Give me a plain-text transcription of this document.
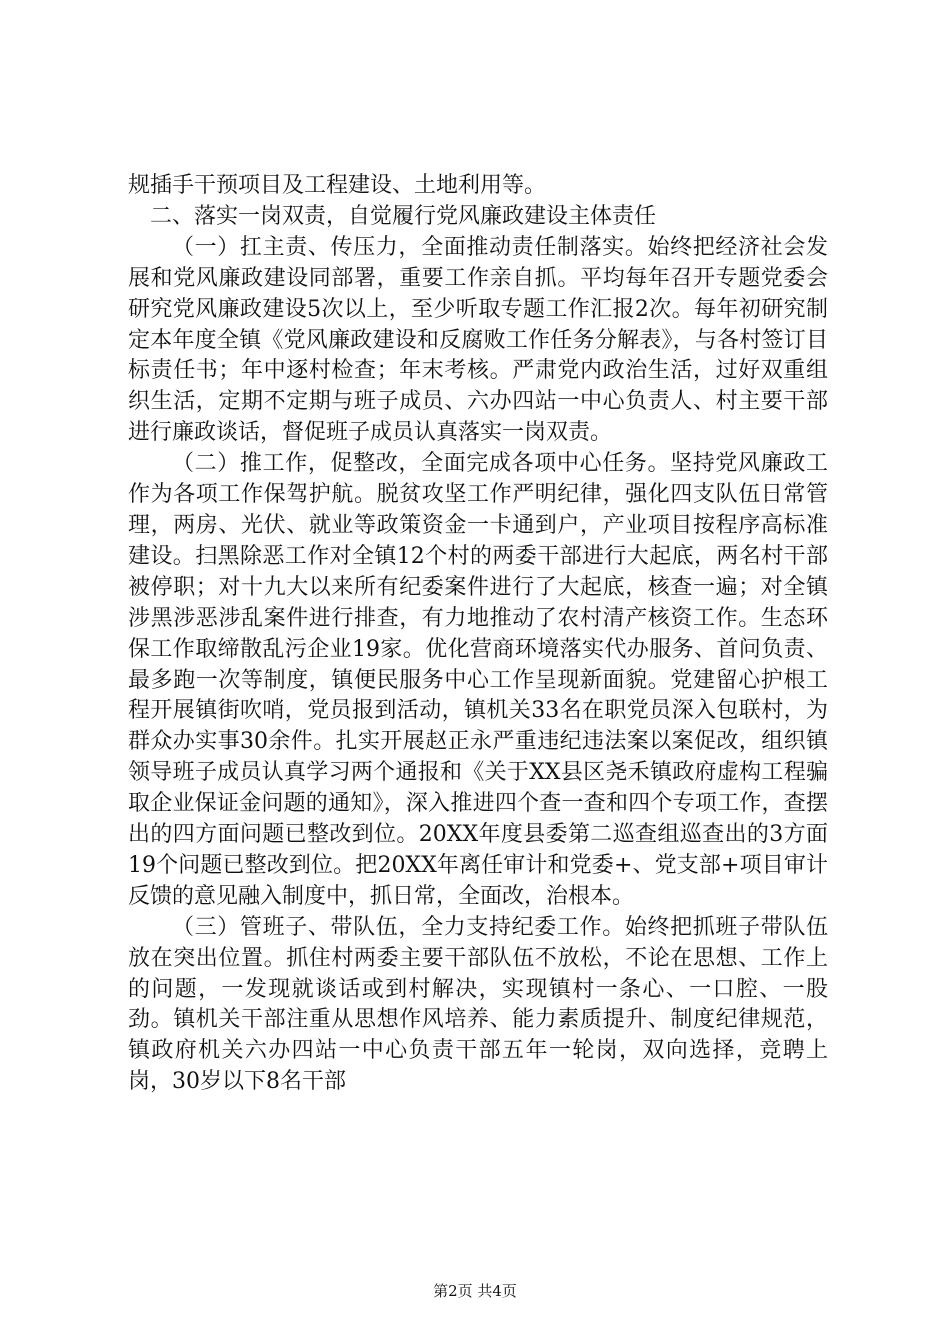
规插手干预项目及工程建设、土地利用等。

二、落实一岗双责，自觉履行党风廉政建设主体责任

（一）扛主责、传压力，全面推动责任制落实。始终把经济社会发展和党风廉政建设同部署，重要工作亲自抓。平均每年召开专题党委会研究党风廉政建设5次以上，至少听取专题工作汇报2次。每年初研究制定本年度全镇《党风廉政建设和反腐败工作任务分解表》，与各村签订目标责任书；年中逐村检查；年末考核。严肃党内政治生活，过好双重组织生活，定期不定期与班子成员、六办四站一中心负责人、村主要干部进行廉政谈话，督促班子成员认真落实一岗双责。

（二）推工作，促整改，全面完成各项中心任务。坚持党风廉政工作为各项工作保驾护航。脱贫攻坚工作严明纪律，强化四支队伍日常管理，两房、光伏、就业等政策资金一卡通到户，产业项目按程序高标准建设。扫黑除恶工作对全镇12个村的两委干部进行大起底，两名村干部被停职；对十九大以来所有纪委案件进行了大起底，核查一遍；对全镇涉黑涉恶涉乱案件进行排查，有力地推动了农村清产核资工作。生态环保工作取缔散乱污企业19家。优化营商环境落实代办服务、首问负责、最多跑一次等制度，镇便民服务中心工作呈现新面貌。党建留心护根工程开展镇街吹哨，党员报到活动，镇机关33名在职党员深入包联村，为群众办实事30余件。扎实开展赵正永严重违纪违法案以案促改，组织镇领导班子成员认真学习两个通报和《关于XX县区尧禾镇政府虚构工程骗取企业保证金问题的通知》，深入推进四个查一查和四个专项工作，查摆出的四方面问题已整改到位。20XX年度县委第二巡查组巡查出的3方面19个问题已整改到位。把20XX年离任审计和党委+、党支部+项目审计反馈的意见融入制度中，抓日常，全面改，治根本。

（三）管班子、带队伍，全力支持纪委工作。始终把抓班子带队伍放在突出位置。抓住村两委主要干部队伍不放松，不论在思想、工作上的问题，一发现就谈话或到村解决，实现镇村一条心、一口腔、一股劲。镇机关干部注重从思想作风培养、能力素质提升、制度纪律规范，镇政府机关六办四站一中心负责干部五年一轮岗，双向选择，竞聘上岗，30岁以下8名干部

第2页 共4页
